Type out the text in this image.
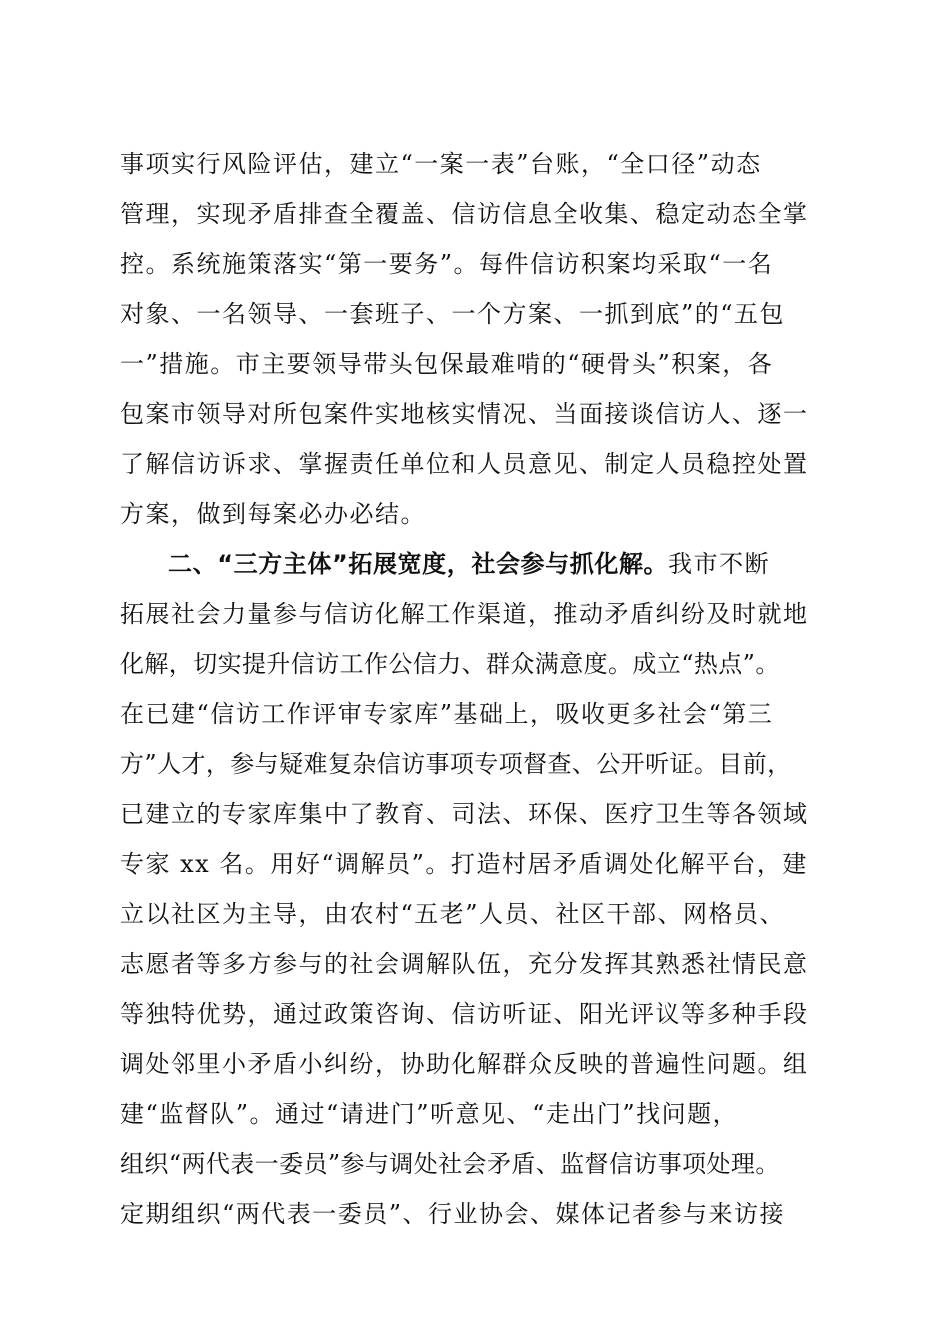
事项实行风险评估，建立“一案一表”台账，“全口径”动态
管理，实现矛盾排查全覆盖、信访信息全收集、稳定动态全掌
控。系统施策落实“第一要务”。每件信访积案均采取“一名
对象、一名领导、一套班子、一个方案、一抓到底”的“五包
一”措施。市主要领导带头包保最难啃的“硬骨头”积案，各
包案市领导对所包案件实地核实情况、当面接谈信访人、逐一
了解信访诉求、掌握责任单位和人员意见、制定人员稳控处置
方案，做到每案必办必结。
二、“三方主体”拓展宽度，社会参与抓化解。我市不断
拓展社会力量参与信访化解工作渠道，推动矛盾纠纷及时就地
化解，切实提升信访工作公信力、群众满意度。成立“热点”。
在已建“信访工作评审专家库”基础上，吸收更多社会“第三
方”人才，参与疑难复杂信访事项专项督查、公开听证。目前，
已建立的专家库集中了教育、司法、环保、医疗卫生等各领域
专家 xx 名。用好“调解员”。打造村居矛盾调处化解平台，建
立以社区为主导，由农村“五老”人员、社区干部、网格员、
志愿者等多方参与的社会调解队伍，充分发挥其熟悉社情民意
等独特优势，通过政策咨询、信访听证、阳光评议等多种手段
调处邻里小矛盾小纠纷，协助化解群众反映的普遍性问题。组
建“监督队”。通过“请进门”听意见、“走出门”找问题，
组织“两代表一委员”参与调处社会矛盾、监督信访事项处理。
定期组织“两代表一委员”、行业协会、媒体记者参与来访接
